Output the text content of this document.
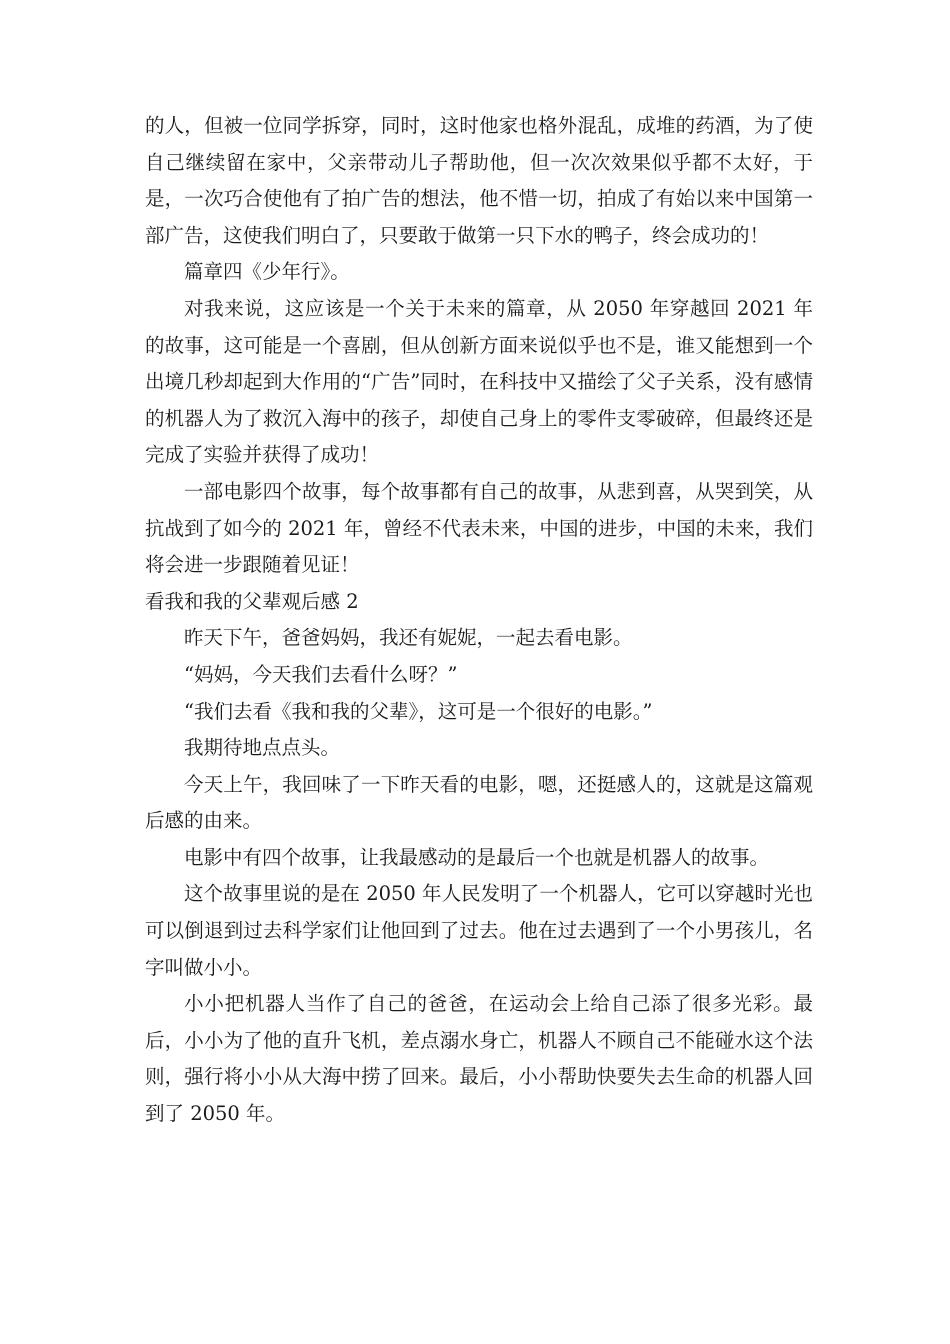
的人，但被一位同学拆穿，同时，这时他家也格外混乱，成堆的药酒，为了使自己继续留在家中，父亲带动儿子帮助他，但一次次效果似乎都不太好，于是，一次巧合使他有了拍广告的想法，他不惜一切，拍成了有始以来中国第一部广告，这使我们明白了，只要敢于做第一只下水的鸭子，终会成功的！

篇章四《少年行》。

对我来说，这应该是一个关于未来的篇章，从 2050 年穿越回 2021 年的故事，这可能是一个喜剧，但从创新方面来说似乎也不是，谁又能想到一个出境几秒却起到大作用的“广告”同时，在科技中又描绘了父子关系，没有感情的机器人为了救沉入海中的孩子，却使自己身上的零件支零破碎，但最终还是完成了实验并获得了成功！

一部电影四个故事，每个故事都有自己的故事，从悲到喜，从哭到笑，从抗战到了如今的 2021 年，曾经不代表未来，中国的进步，中国的未来，我们将会进一步跟随着见证！

看我和我的父辈观后感 2

昨天下午，爸爸妈妈，我还有妮妮，一起去看电影。

“妈妈，今天我们去看什么呀？”

“我们去看《我和我的父辈》，这可是一个很好的电影。”

我期待地点点头。

今天上午，我回味了一下昨天看的电影，嗯，还挺感人的，这就是这篇观后感的由来。

电影中有四个故事，让我最感动的是最后一个也就是机器人的故事。

这个故事里说的是在 2050 年人民发明了一个机器人，它可以穿越时光也可以倒退到过去科学家们让他回到了过去。他在过去遇到了一个小男孩儿，名字叫做小小。

小小把机器人当作了自己的爸爸，在运动会上给自己添了很多光彩。最后，小小为了他的直升飞机，差点溺水身亡，机器人不顾自己不能碰水这个法则，强行将小小从大海中捞了回来。最后，小小帮助快要失去生命的机器人回到了 2050 年。
